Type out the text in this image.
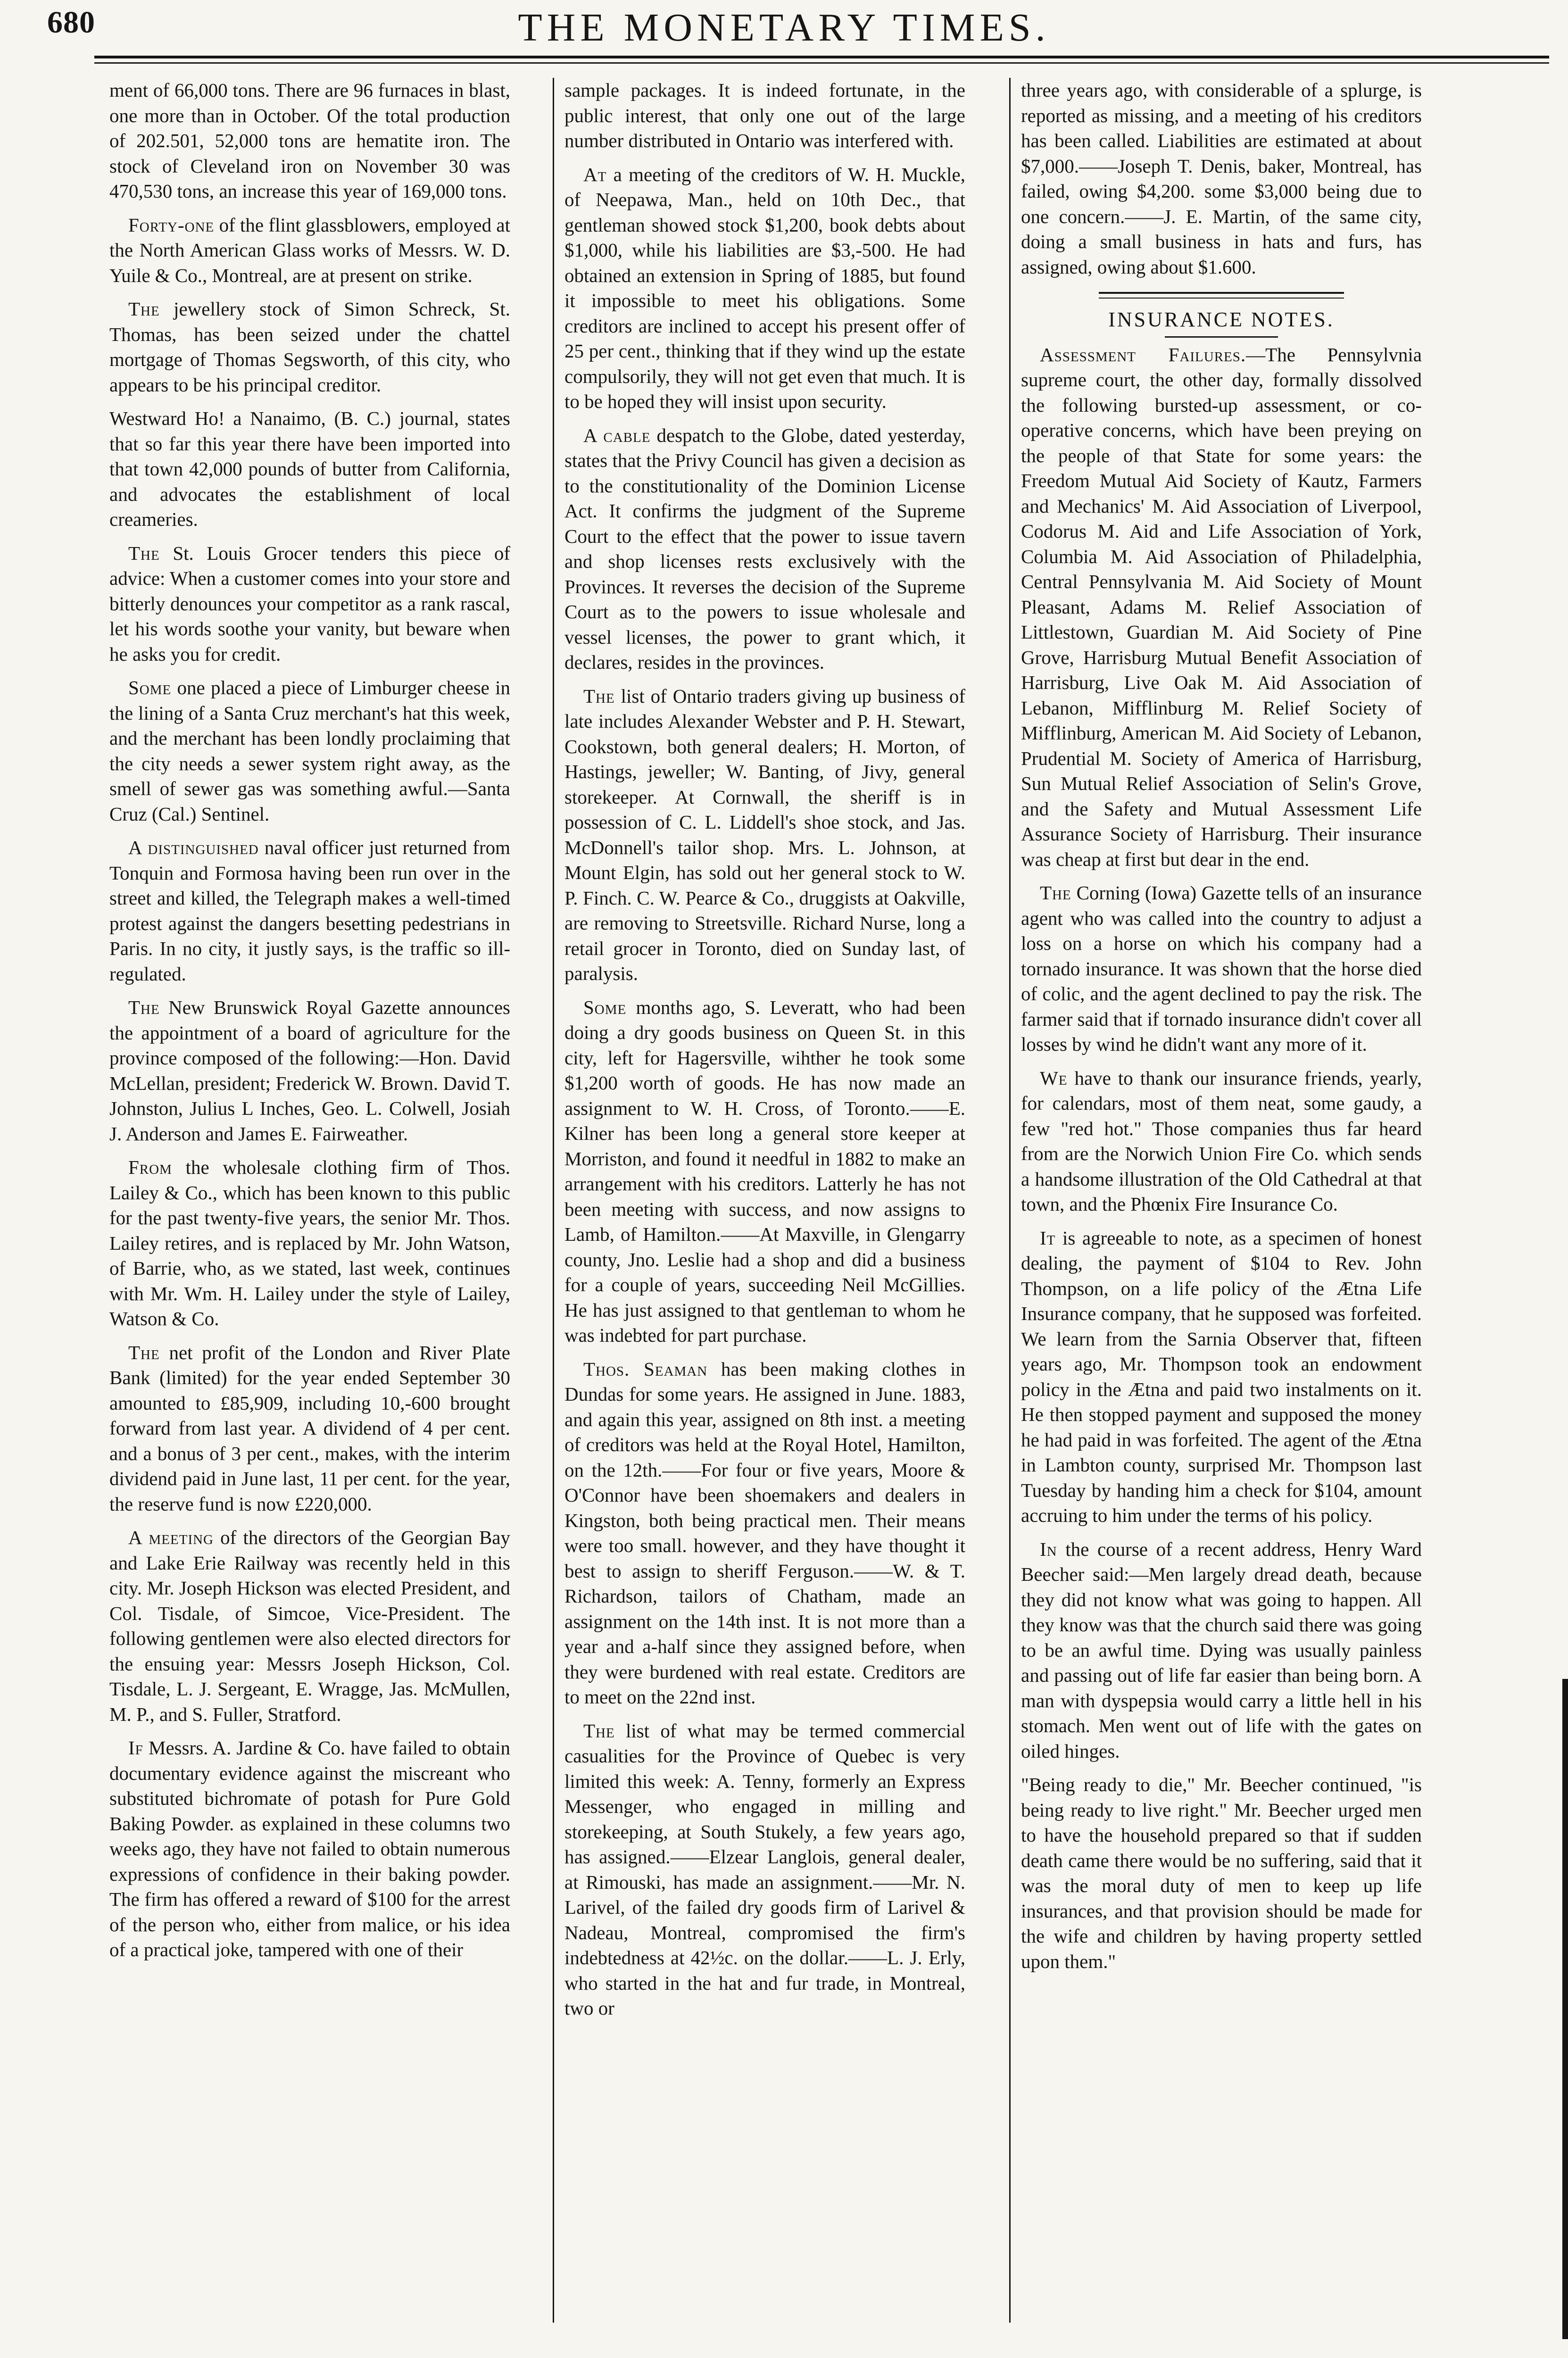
680	THE MONETARY TIMES.

ment of 66,000 tons. There are 96 furnaces in blast, one more than in October. Of the total production of 202.501, 52,000 tons are hematite iron. The stock of Cleveland iron on November 30 was 470,530 tons, an increase this year of 169,000 tons.

Forty-one of the flint glassblowers, employed at the North American Glass works of Messrs. W. D. Yuile & Co., Montreal, are at present on strike.

The jewellery stock of Simon Schreck, St. Thomas, has been seized under the chattel mortgage of Thomas Segsworth, of this city, who appears to be his principal creditor.

Westward Ho! a Nanaimo, (B. C.) journal, states that so far this year there have been imported into that town 42,000 pounds of butter from California, and advocates the establishment of local creameries.

The St. Louis Grocer tenders this piece of advice: When a customer comes into your store and bitterly denounces your competitor as a rank rascal, let his words soothe your vanity, but beware when he asks you for credit.

Some one placed a piece of Limburger cheese in the lining of a Santa Cruz merchant's hat this week, and the merchant has been londly proclaiming that the city needs a sewer system right away, as the smell of sewer gas was something awful.—Santa Cruz (Cal.) Sentinel.

A distinguished naval officer just returned from Tonquin and Formosa having been run over in the street and killed, the Telegraph makes a well-timed protest against the dangers besetting pedestrians in Paris. In no city, it justly says, is the traffic so ill-regulated.

The New Brunswick Royal Gazette announces the appointment of a board of agriculture for the province composed of the following:—Hon. David McLellan, president; Frederick W. Brown. David T. Johnston, Julius L Inches, Geo. L. Colwell, Josiah J. Anderson and James E. Fairweather.

From the wholesale clothing firm of Thos. Lailey & Co., which has been known to this public for the past twenty-five years, the senior Mr. Thos. Lailey retires, and is replaced by Mr. John Watson, of Barrie, who, as we stated, last week, continues with Mr. Wm. H. Lailey under the style of Lailey, Watson & Co.

The net profit of the London and River Plate Bank (limited) for the year ended September 30 amounted to £85,909, including 10,-600 brought forward from last year. A dividend of 4 per cent. and a bonus of 3 per cent., makes, with the interim dividend paid in June last, 11 per cent. for the year, the reserve fund is now £220,000.

A meeting of the directors of the Georgian Bay and Lake Erie Railway was recently held in this city. Mr. Joseph Hickson was elected President, and Col. Tisdale, of Simcoe, Vice-President. The following gentlemen were also elected directors for the ensuing year: Messrs Joseph Hickson, Col. Tisdale, L. J. Sergeant, E. Wragge, Jas. McMullen, M. P., and S. Fuller, Stratford.

If Messrs. A. Jardine & Co. have failed to obtain documentary evidence against the miscreant who substituted bichromate of potash for Pure Gold Baking Powder. as explained in these columns two weeks ago, they have not failed to obtain numerous expressions of confidence in their baking powder. The firm has offered a reward of $100 for the arrest of the person who, either from malice, or his idea of a practical joke, tampered with one of their

sample packages. It is indeed fortunate, in the public interest, that only one out of the large number distributed in Ontario was interfered with.

At a meeting of the creditors of W. H. Muckle, of Neepawa, Man., held on 10th Dec., that gentleman showed stock $1,200, book debts about $1,000, while his liabilities are $3,-500. He had obtained an extension in Spring of 1885, but found it impossible to meet his obligations. Some creditors are inclined to accept his present offer of 25 per cent., thinking that if they wind up the estate compulsorily, they will not get even that much. It is to be hoped they will insist upon security.

A cable despatch to the Globe, dated yesterday, states that the Privy Council has given a decision as to the constitutionality of the Dominion License Act. It confirms the judgment of the Supreme Court to the effect that the power to issue tavern and shop licenses rests exclusively with the Provinces. It reverses the decision of the Supreme Court as to the powers to issue wholesale and vessel licenses, the power to grant which, it declares, resides in the provinces.

The list of Ontario traders giving up business of late includes Alexander Webster and P. H. Stewart, Cookstown, both general dealers; H. Morton, of Hastings, jeweller; W. Banting, of Jivy, general storekeeper. At Cornwall, the sheriff is in possession of C. L. Liddell's shoe stock, and Jas. McDonnell's tailor shop. Mrs. L. Johnson, at Mount Elgin, has sold out her general stock to W. P. Finch. C. W. Pearce & Co., druggists at Oakville, are removing to Streetsville. Richard Nurse, long a retail grocer in Toronto, died on Sunday last, of paralysis.

Some months ago, S. Leveratt, who had been doing a dry goods business on Queen St. in this city, left for Hagersville, wihther he took some $1,200 worth of goods. He has now made an assignment to W. H. Cross, of Toronto.——E. Kilner has been long a general store keeper at Morriston, and found it needful in 1882 to make an arrangement with his creditors. Latterly he has not been meeting with success, and now assigns to Lamb, of Hamilton.——At Maxville, in Glengarry county, Jno. Leslie had a shop and did a business for a couple of years, succeeding Neil McGillies. He has just assigned to that gentleman to whom he was indebted for part purchase.

Thos. Seaman has been making clothes in Dundas for some years. He assigned in June. 1883, and again this year, assigned on 8th inst. a meeting of creditors was held at the Royal Hotel, Hamilton, on the 12th.——For four or five years, Moore & O'Connor have been shoemakers and dealers in Kingston, both being practical men. Their means were too small. however, and they have thought it best to assign to sheriff Ferguson.——W. & T. Richardson, tailors of Chatham, made an assignment on the 14th inst. It is not more than a year and a-half since they assigned before, when they were burdened with real estate. Creditors are to meet on the 22nd inst.

The list of what may be termed commercial casualities for the Province of Quebec is very limited this week: A. Tenny, formerly an Express Messenger, who engaged in milling and storekeeping, at South Stukely, a few years ago, has assigned.——Elzear Langlois, general dealer, at Rimouski, has made an assignment.——Mr. N. Larivel, of the failed dry goods firm of Larivel & Nadeau, Montreal, compromised the firm's indebtedness at 42½c. on the dollar.——L. J. Erly, who started in the hat and fur trade, in Montreal, two or

three years ago, with considerable of a splurge, is reported as missing, and a meeting of his creditors has been called. Liabilities are estimated at about $7,000.——Joseph T. Denis, baker, Montreal, has failed, owing $4,200. some $3,000 being due to one concern.——J. E. Martin, of the same city, doing a small business in hats and furs, has assigned, owing about $1.600.

INSURANCE NOTES.

Assessment Failures.—The Pennsylvnia supreme court, the other day, formally dissolved the following bursted-up assessment, or co-operative concerns, which have been preying on the people of that State for some years: the Freedom Mutual Aid Society of Kautz, Farmers and Mechanics' M. Aid Association of Liverpool, Codorus M. Aid and Life Association of York, Columbia M. Aid Association of Philadelphia, Central Pennsylvania M. Aid Society of Mount Pleasant, Adams M. Relief Association of Littlestown, Guardian M. Aid Society of Pine Grove, Harrisburg Mutual Benefit Association of Harrisburg, Live Oak M. Aid Association of Lebanon, Mifflinburg M. Relief Society of Mifflinburg, American M. Aid Society of Lebanon, Prudential M. Society of America of Harrisburg, Sun Mutual Relief Association of Selin's Grove, and the Safety and Mutual Assessment Life Assurance Society of Harrisburg. Their insurance was cheap at first but dear in the end.

The Corning (Iowa) Gazette tells of an insurance agent who was called into the country to adjust a loss on a horse on which his company had a tornado insurance. It was shown that the horse died of colic, and the agent declined to pay the risk. The farmer said that if tornado insurance didn't cover all losses by wind he didn't want any more of it.

We have to thank our insurance friends, yearly, for calendars, most of them neat, some gaudy, a few "red hot." Those companies thus far heard from are the Norwich Union Fire Co. which sends a handsome illustration of the Old Cathedral at that town, and the Phœnix Fire Insurance Co.

It is agreeable to note, as a specimen of honest dealing, the payment of $104 to Rev. John Thompson, on a life policy of the Ætna Life Insurance company, that he supposed was forfeited. We learn from the Sarnia Observer that, fifteen years ago, Mr. Thompson took an endowment policy in the Ætna and paid two instalments on it. He then stopped payment and supposed the money he had paid in was forfeited. The agent of the Ætna in Lambton county, surprised Mr. Thompson last Tuesday by handing him a check for $104, amount accruing to him under the terms of his policy.

In the course of a recent address, Henry Ward Beecher said:—Men largely dread death, because they did not know what was going to happen. All they know was that the church said there was going to be an awful time. Dying was usually painless and passing out of life far easier than being born. A man with dyspepsia would carry a little hell in his stomach. Men went out of life with the gates on oiled hinges.

"Being ready to die," Mr. Beecher continued, "is being ready to live right." Mr. Beecher urged men to have the household prepared so that if sudden death came there would be no suffering, said that it was the moral duty of men to keep up life insurances, and that provision should be made for the wife and children by having property settled upon them."
